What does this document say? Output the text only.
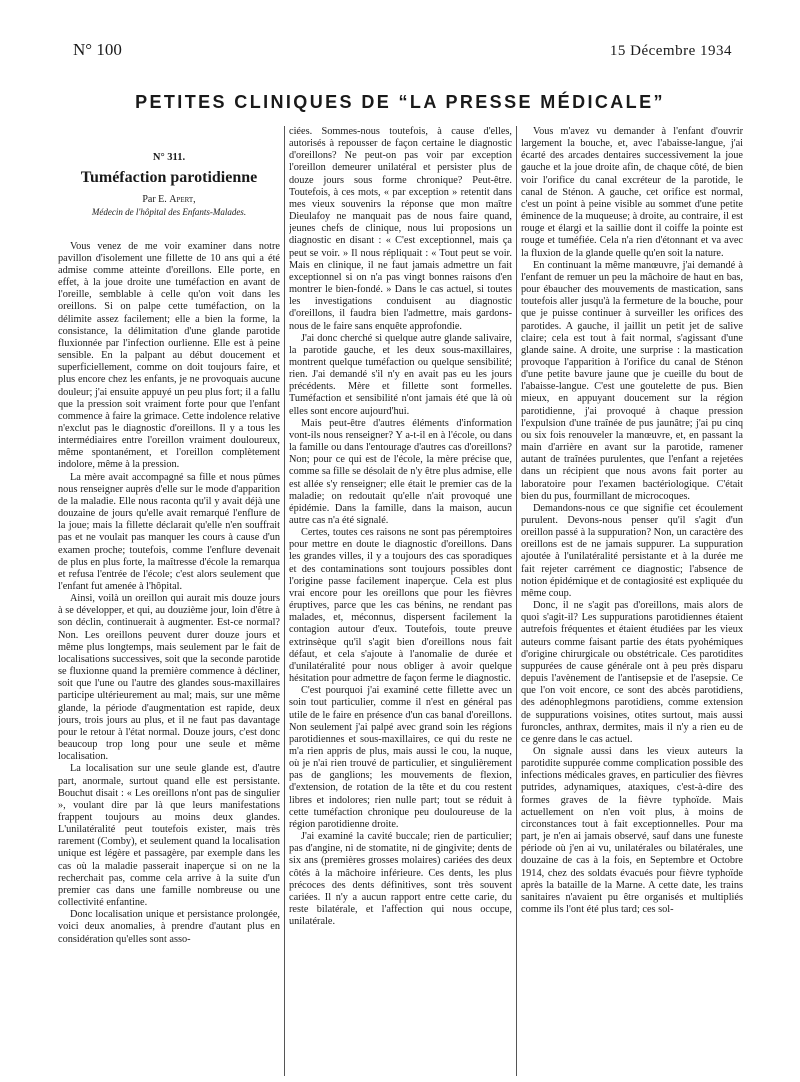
N° 100	15 Décembre 1934
PETITES CLINIQUES DE “LA PRESSE MÉDICALE”
N° 311.
Tuméfaction parotidienne
Par E. Apert,
Médecin de l'hôpital des Enfants-Malades.

Vous venez de me voir examiner dans notre pavillon d'isolement une fillette de 10 ans qui a été admise comme atteinte d'oreillons. Elle porte, en effet, à la joue droite une tuméfaction en avant de l'oreille, semblable à celle qu'on voit dans les oreillons. Si on palpe cette tuméfaction, on la délimite assez facilement; elle a bien la forme, la consistance, la délimitation d'une glande parotide fluxionnée par l'infection ourlienne. Elle est à peine sensible. En la palpant au début doucement et superficiellement, comme on doit toujours faire, et plus encore chez les enfants, je ne provoquais aucune douleur; j'ai ensuite appuyé un peu plus fort; il a fallu que la pression soit vraiment forte pour que l'enfant commence à faire la grimace. Cette indolence relative n'exclut pas le diagnostic d'oreillons. Il y a tous les intermédiaires entre l'oreillon vraiment douloureux, même spontanément, et l'oreillon complètement indolore, même à la pression.

La mère avait accompagné sa fille et nous pûmes nous renseigner auprès d'elle sur le mode d'apparition de la maladie. Elle nous raconta qu'il y avait déjà une douzaine de jours qu'elle avait remarqué l'enflure de la joue; mais la fillette déclarait qu'elle n'en souffrait pas et ne voulait pas manquer les cours à cause d'un examen proche; toutefois, comme l'enflure devenait de plus en plus forte, la maîtresse d'école la remarqua et refusa l'entrée de l'école; c'est alors seulement que l'enfant fut amenée à l'hôpital.

Ainsi, voilà un oreillon qui aurait mis douze jours à se développer, et qui, au douzième jour, loin d'être à son déclin, continuerait à augmenter. Est-ce normal? Non. Les oreillons peuvent durer douze jours et même plus longtemps, mais seulement par le fait de localisations successives, soit que la seconde parotide se fluxionne quand la première commence à décliner, soit que l'une ou l'autre des glandes sous-maxillaires participe ultérieurement au mal; mais, sur une même glande, la période d'augmentation est rapide, deux jours, trois jours au plus, et il ne faut pas davantage pour le retour à l'état normal. Douze jours, c'est donc beaucoup trop long pour une seule et même localisation.

La localisation sur une seule glande est, d'autre part, anormale, surtout quand elle est persistante. Bouchut disait : « Les oreillons n'ont pas de singulier », voulant dire par là que leurs manifestations frappent toujours au moins deux glandes. L'unilatéralité peut toutefois exister, mais très rarement (Comby), et seulement quand la localisation unique est légère et passagère, par exemple dans les cas où la maladie passerait inaperçue si on ne la recherchait pas, comme cela arrive à la suite d'un premier cas dans une famille nombreuse ou une collectivité enfantine.

Donc localisation unique et persistance prolongée, voici deux anomalies, à prendre d'autant plus en considération qu'elles sont asso-

ciées. Sommes-nous toutefois, à cause d'elles, autorisés à repousser de façon certaine le diagnostic d'oreillons? Ne peut-on pas voir par exception l'oreillon demeurer unilatéral et persister plus de douze jours sous forme chronique? Peut-être. Toutefois, à ces mots, « par exception » retentit dans mes vieux souvenirs la réponse que mon maître Dieulafoy ne manquait pas de nous faire quand, jeunes chefs de clinique, nous lui proposions un diagnostic en disant : « C'est exceptionnel, mais ça peut se voir. » Il nous répliquait : « Tout peut se voir. Mais en clinique, il ne faut jamais admettre un fait exceptionnel si on n'a pas vingt bonnes raisons d'en montrer le bien-fondé. » Dans le cas actuel, si toutes les investigations conduisent au diagnostic d'oreillons, il faudra bien l'admettre, mais gardons-nous de le faire sans enquête approfondie.

J'ai donc cherché si quelque autre glande salivaire, la parotide gauche, et les deux sous-maxillaires, montrent quelque tuméfaction ou quelque sensibilité; rien. J'ai demandé s'il n'y en avait pas eu les jours précédents. Mère et fillette sont formelles. Tuméfaction et sensibilité n'ont jamais été que là où elles sont encore aujourd'hui.

Mais peut-être d'autres éléments d'information vont-ils nous renseigner? Y a-t-il en à l'école, ou dans la famille ou dans l'entourage d'autres cas d'oreillons? Non; pour ce qui est de l'école, la mère précise que, comme sa fille se désolait de n'y être plus admise, elle est allée s'y renseigner; elle était le premier cas de la maladie; on redoutait qu'elle n'ait provoqué une épidémie. Dans la famille, dans la maison, aucun autre cas n'a été signalé.

Certes, toutes ces raisons ne sont pas péremptoires pour mettre en doute le diagnostic d'oreillons. Dans les grandes villes, il y a toujours des cas sporadiques et des contaminations sont toujours possibles dont l'origine passe facilement inaperçue. Cela est plus vrai encore pour les oreillons que pour les fièvres éruptives, parce que les cas bénins, ne rendant pas malades, et, méconnus, dispersent facilement la contagion autour d'eux. Toutefois, toute preuve extrinsèque qu'il s'agit bien d'oreillons nous fait défaut, et cela s'ajoute à l'anomalie de durée et d'unilatéralité pour nous obliger à avoir quelque hésitation pour admettre de façon ferme le diagnostic.

C'est pourquoi j'ai examiné cette fillette avec un soin tout particulier, comme il n'est en général pas utile de le faire en présence d'un cas banal d'oreillons. Non seulement j'ai palpé avec grand soin les régions parotidiennes et sous-maxillaires, ce qui du reste ne m'a rien appris de plus, mais aussi le cou, la nuque, où je n'ai rien trouvé de particulier, et singulièrement pas de ganglions; les mouvements de flexion, d'extension, de rotation de la tête et du cou restent libres et indolores; rien nulle part; tout se réduit à cette tuméfaction chronique peu douloureuse de la région parotidienne droite.

J'ai examiné la cavité buccale; rien de particulier; pas d'angine, ni de stomatite, ni de gingivite; dents de six ans (premières grosses molaires) cariées des deux côtés à la mâchoire inférieure. Ces dents, les plus précoces des dents définitives, sont très souvent cariées. Il n'y a aucun rapport entre cette carie, du reste bilatérale, et l'affection qui nous occupe, unilatérale.

Vous m'avez vu demander à l'enfant d'ouvrir largement la bouche, et, avec l'abaisse-langue, j'ai écarté des arcades dentaires successivement la joue gauche et la joue droite afin, de chaque côté, de bien voir l'orifice du canal excréteur de la parotide, le canal de Sténon. A gauche, cet orifice est normal, c'est un point à peine visible au sommet d'une petite éminence de la muqueuse; à droite, au contraire, il est rouge et élargi et la saillie dont il coiffe la pointe est rouge et tuméfiée. Cela n'a rien d'étonnant et va avec la fluxion de la glande quelle qu'en soit la nature.

En continuant la même manœuvre, j'ai demandé à l'enfant de remuer un peu la mâchoire de haut en bas, pour ébaucher des mouvements de mastication, sans toutefois aller jusqu'à la fermeture de la bouche, pour que je puisse continuer à surveiller les orifices des parotides. A gauche, il jaillit un petit jet de salive claire; cela est tout à fait normal, s'agissant d'une glande saine. A droite, une surprise : la mastication provoque l'apparition à l'orifice du canal de Sténon d'une petite bavure jaune que je cueille du bout de l'abaisse-langue. C'est une goutelette de pus. Bien mieux, en appuyant doucement sur la région parotidienne, j'ai provoqué à chaque pression l'expulsion d'une traînée de pus jaunâtre; j'ai pu cinq ou six fois renouveler la manœuvre, et, en passant la main d'arrière en avant sur la parotide, ramener autant de traînées purulentes, que l'enfant a rejetées dans un récipient que nous avons fait porter au laboratoire pour l'examen bactériologique. C'était bien du pus, fourmillant de microcoques.

Demandons-nous ce que signifie cet écoulement purulent. Devons-nous penser qu'il s'agit d'un oreillon passé à la suppuration? Non, un caractère des oreillons est de ne jamais suppurer. La suppuration ajoutée à l'unilatéralité persistante et à la durée me fait rejeter carrément ce diagnostic; l'absence de notion épidémique et de contagiosité est expliquée du même coup.

Donc, il ne s'agit pas d'oreillons, mais alors de quoi s'agit-il? Les suppurations parotidiennes étaient autrefois fréquentes et étaient étudiées par les vieux auteurs comme faisant partie des états pyohémiques d'origine chirurgicale ou obstétricale. Ces parotidites suppurées de cause générale ont à peu près disparu depuis l'avènement de l'antisepsie et de l'asepsie. Ce que l'on voit encore, ce sont des abcès parotidiens, des adénophlegmons parotidiens, comme extension de suppurations voisines, otites surtout, mais aussi furoncles, anthrax, dermites, mais il n'y a rien eu de ce genre dans le cas actuel.

On signale aussi dans les vieux auteurs la parotidite suppurée comme complication possible des infections médicales graves, en particulier des fièvres putrides, adynamiques, ataxiques, c'est-à-dire des formes graves de la fièvre typhoïde. Mais actuellement on n'en voit plus, à moins de circonstances tout à fait exceptionnelles. Pour ma part, je n'en ai jamais observé, sauf dans une funeste période où j'en ai vu, unilatérales ou bilatérales, une douzaine de cas à la fois, en Septembre et Octobre 1914, chez des soldats évacués pour fièvre typhoïde après la bataille de la Marne. A cette date, les trains sanitaires n'avaient pu être organisés et multipliés comme ils l'ont été plus tard; ces sol-
